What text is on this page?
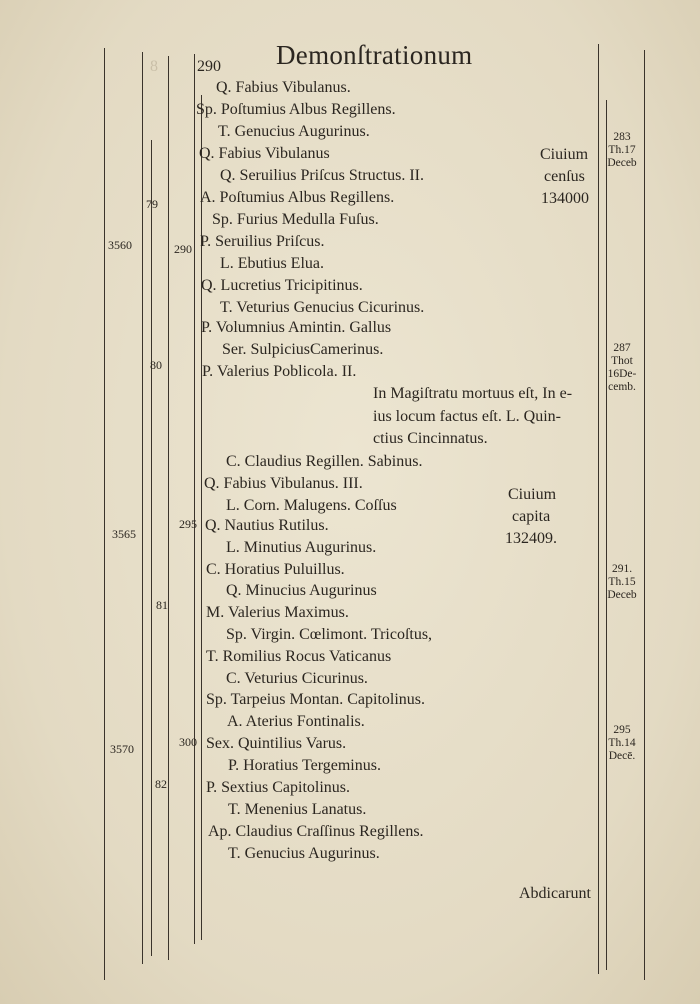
8 290 Demonſtrationum
3560
3565
3570
79
80
81
82
290
295
300
Q. Fabius Vibulanus.
Sp. Poſtumius Albus Regillens.
T. Genucius Augurinus.
Q. Fabius Vibulanus
Q. Seruilius Priſcus Structus. II.
A. Poſtumius Albus Regillens.
Sp. Furius Medulla Fuſus.
P. Seruilius Priſcus.
L. Ebutius Elua.
Q. Lucretius Tricipitinus.
T. Veturius Genucius Cicurinus.
P. Volumnius Amintin. Gallus
Ser. SulpiciusCamerinus.
P. Valerius Poblicola. II.
In Magiſtratu mortuus eſt, In e-
ius locum factus eſt. L. Quin-
ctius Cincinnatus.
C. Claudius Regillen. Sabinus.
Q. Fabius Vibulanus. III.
L. Corn. Malugens. Coſſus
Q. Nautius Rutilus.
L. Minutius Augurinus.
C. Horatius Puluillus.
Q. Minucius Augurinus
M. Valerius Maximus.
Sp. Virgin. Cœlimont. Tricoſtus,
T. Romilius Rocus Vaticanus
C. Veturius Cicurinus.
Sp. Tarpeius Montan. Capitolinus.
A. Aterius Fontinalis.
Sex. Quintilius Varus.
P. Horatius Tergeminus.
P. Sextius Capitolinus.
T. Menenius Lanatus.
Ap. Claudius Craſſinus Regillens.
T. Genucius Augurinus.
Ciuium
cenſus
134000
Ciuium
capita
132409.
Abdicarunt
283
Th.17
Deceb
287
Thot
16De-
cemb.
291.
Th.15
Deceb
295
Th.14
Decē.
